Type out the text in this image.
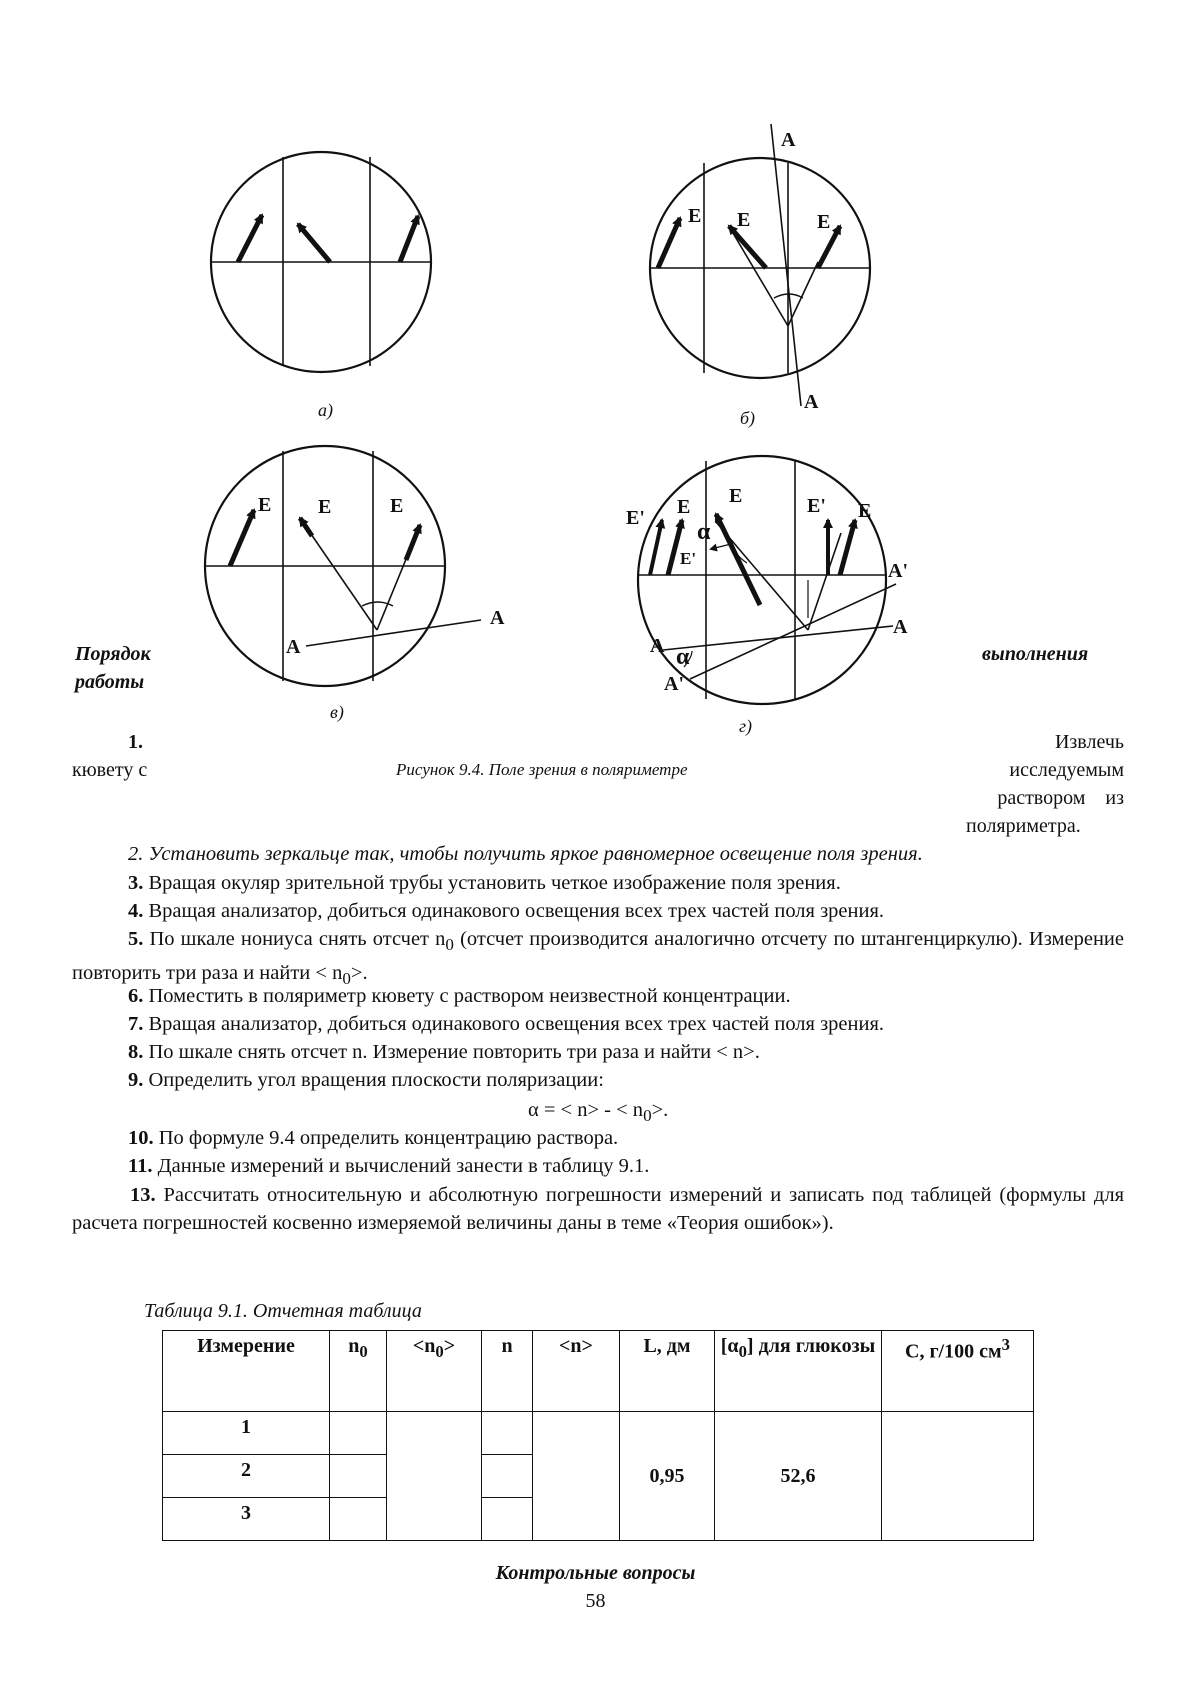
E E	E
A
A
E E	E
A
A
E' E E	E' E
E'
A'
A
A
A'
α
α
а)	б)
в)
г)
Порядок
работы
выполнения
1.
кювету с
Извлечь
исследуемым
раствором    из
поляриметра.
Рисунок 9.4. Поле зрения в поляриметре
2. Установить зеркальце так, чтобы получить яркое равномерное освещение поля зрения.
3. Вращая окуляр зрительной трубы установить четкое изображение поля зрения.
4. Вращая анализатор, добиться одинакового освещения всех трех частей поля зрения.
5. По шкале нониуса снять отсчет $n_0$ (отсчет производится аналогично отсчету по штангенциркулю). Измерение повторить три раза и найти < $n_0>$.
6. Поместить в поляриметр кювету с раствором неизвестной концентрации.
7. Вращая анализатор, добиться одинакового освещения всех трех частей поля зрения.
8. По шкале снять отсчет n. Измерение повторить три раза и найти < n>.
9. Определить угол вращения плоскости поляризации:
α = < n> - < $n_0>$.
10. По формуле 9.4 определить концентрацию раствора.
11. Данные измерений и вычислений занести в таблицу 9.1.
13. Рассчитать относительную и абсолютную погрешности измерений и записать под таблицей (формулы для расчета погрешностей косвенно измеряемой величины даны в теме «Теория ошибок»).
Таблица 9.1. Отчетная таблица
Измерение	$n_0$	$<n_0>$	n	<n>	L, дм	$[\alpha_0]$ для глюкозы	C, г/100 $см^3$
1					0,95	52,6	
2							
3							
Контрольные вопросы
58
